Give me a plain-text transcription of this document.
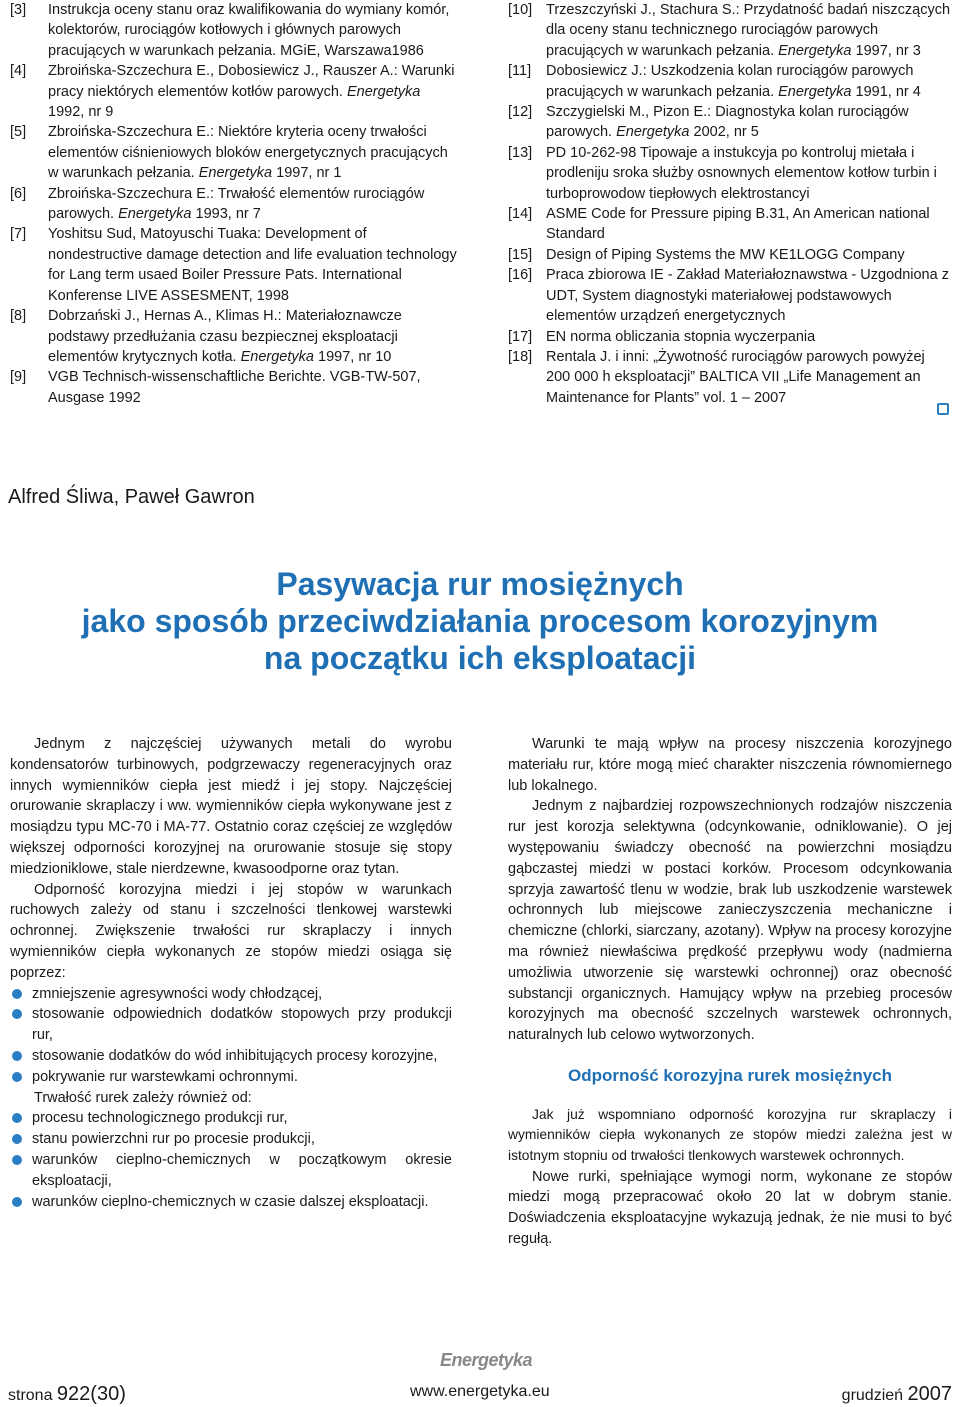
[3]	Instrukcja oceny stanu oraz kwalifikowania do wymiany komór, kolektorów, rurociągów kotłowych i głównych parowych pracujących w warunkach pełzania. MGiE, Warszawa1986
[4]	Zbroińska-Szczechura E., Dobosiewicz J., Rauszer A.: Warunki pracy niektórych elementów kotłów parowych. Energetyka 1992, nr 9
[5]	Zbroińska-Szczechura E.: Niektóre kryteria oceny trwałości elementów ciśnieniowych bloków energetycznych pracujących w warunkach pełzania. Energetyka 1997, nr 1
[6]	Zbroińska-Szczechura E.: Trwałość elementów rurociągów parowych. Energetyka 1993, nr 7
[7]	Yoshitsu Sud, Matoyuschi Tuaka: Development of nondestructive damage detection and life evaluation technology for Lang term usaed Boiler Pressure Pats. International Konferense LIVE ASSESMENT, 1998
[8]	Dobrzański J., Hernas A., Klimas H.: Materiałoznawcze podstawy przedłużania czasu bezpiecznej eksploatacji elementów krytycznych kotła. Energetyka 1997, nr 10
[9]	VGB Technisch-wissenschaftliche Berichte. VGB-TW-507, Ausgase 1992
[10] Trzeszczyński J., Stachura S.: Przydatność badań niszczących dla oceny stanu technicznego rurociągów parowych pracujących w warunkach pełzania. Energetyka 1997, nr 3
[11]	Dobosiewicz J.: Uszkodzenia kolan rurociągów parowych pracujących w warunkach pełzania. Energetyka 1991, nr 4
[12] Szczygielski M., Pizon E.: Diagnostyka kolan rurociągów parowych. Energetyka 2002, nr 5
[13] PD 10-262-98 Tipowaje a instukcyja po kontroluj mietała i prodleniju sroka służby osnownych elementow kotłow turbin i turboprowodow tiepłowych elektrostancyi
[14] ASME Code for Pressure piping B.31, An American national Standard
[15] Design of Piping Systems the MW KE1LOGG Company
[16] Praca zbiorowa IE - Zakład Materiałoznawstwa - Uzgodniona z UDT, System diagnostyki materiałowej podstawowych elementów urządzeń energetycznych
[17] EN norma obliczania stopnia wyczerpania
[18] Rentala J. i inni: „Żywotność rurociągów parowych powyżej 200 000 h eksploatacji” BALTICA VII „Life Management an Maintenance for Plants” vol. 1 – 2007
Alfred Śliwa, Paweł Gawron
Pasywacja rur mosiężnych
jako sposób przeciwdziałania procesom korozyjnym
na początku ich eksploatacji

Jednym z najczęściej używanych metali do wyrobu kondensatorów turbinowych, podgrzewaczy regeneracyjnych oraz innych wymienników ciepła jest miedź i jej stopy. Najczęściej orurowanie skraplaczy i ww. wymienników ciepła wykonywane jest z mosiądzu typu MC-70 i MA-77. Ostatnio coraz częściej ze względów większej odporności korozyjnej na orurowanie stosuje się stopy miedzioniklowe, stale nierdzewne, kwasoodporne oraz tytan.

Odporność korozyjna miedzi i jej stopów w warunkach ruchowych zależy od stanu i szczelności tlenkowej warstewki ochronnej. Zwiększenie trwałości rur skraplaczy i innych wymienników ciepła wykonanych ze stopów miedzi osiąga się poprzez:

zmniejszenie agresywności wody chłodzącej,
stosowanie odpowiednich dodatków stopowych przy produkcji rur,
stosowanie dodatków do wód inhibitujących procesy korozyjne,
pokrywanie rur warstewkami ochronnymi.

Trwałość rurek zależy również od:

procesu technologicznego produkcji rur,
stanu powierzchni rur po procesie produkcji,
warunków cieplno-chemicznych w początkowym okresie eksploatacji,
warunków cieplno-chemicznych w czasie dalszej eksploatacji.

Warunki te mają wpływ na procesy niszczenia korozyjnego materiału rur, które mogą mieć charakter niszczenia równomiernego lub lokalnego.

Jednym z najbardziej rozpowszechnionych rodzajów niszczenia rur jest korozja selektywna (odcynkowanie, odniklowanie). O jej występowaniu świadczy obecność na powierzchni mosiądzu gąbczastej miedzi w postaci korków. Procesom odcynkowania sprzyja zawartość tlenu w wodzie, brak lub uszkodzenie warstewek ochronnych lub miejscowe zanieczyszczenia mechaniczne i chemiczne (chlorki, siarczany, azotany). Wpływ na procesy korozyjne ma również niewłaściwa prędkość przepływu wody (nadmierna umożliwia utworzenie się warstewki ochronnej) oraz obecność substancji organicznych. Hamujący wpływ na przebieg procesów korozyjnych ma obecność szczelnych warstewek ochronnych, naturalnych lub celowo wytworzonych.

Odporność korozyjna rurek mosiężnych

Jak już wspomniano odporność korozyjna rur skraplaczy i wymienników ciepła wykonanych ze stopów miedzi zależna jest w istotnym stopniu od trwałości tlenkowych warstewek ochronnych.

Nowe rurki, spełniające wymogi norm, wykonane ze stopów miedzi mogą przepracować około 20 lat w dobrym stanie. Doświadczenia eksploatacyjne wykazują jednak, że nie musi to być regułą.

Energetyka
strona 922(30)	www.energetyka.eu	grudzień 2007
